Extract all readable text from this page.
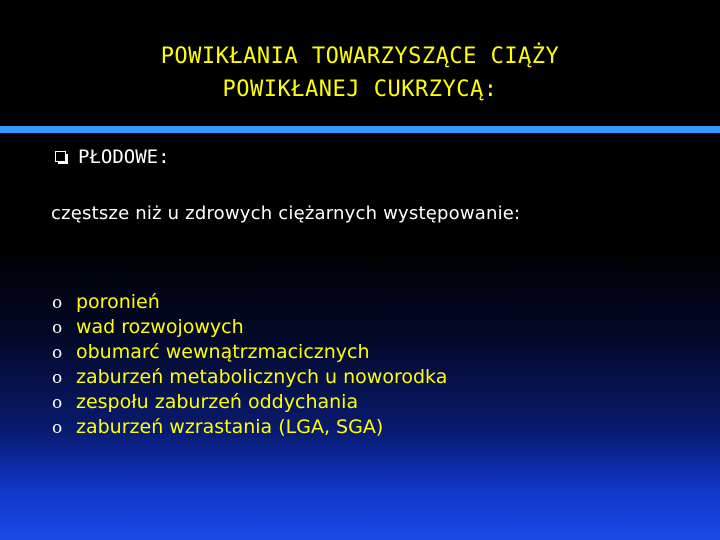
POWIKŁANIA TOWARZYSZĄCE CIĄŻY
POWIKŁANEJ CUKRZYCĄ:
PŁODOWE:

częstsze niż u zdrowych ciężarnych występowanie:

o poronień
o wad rozwojowych
o obumarć wewnątrzmacicznych
o zaburzeń metabolicznych u noworodka
o zespołu zaburzeń oddychania
o zaburzeń wzrastania (LGA, SGA)
